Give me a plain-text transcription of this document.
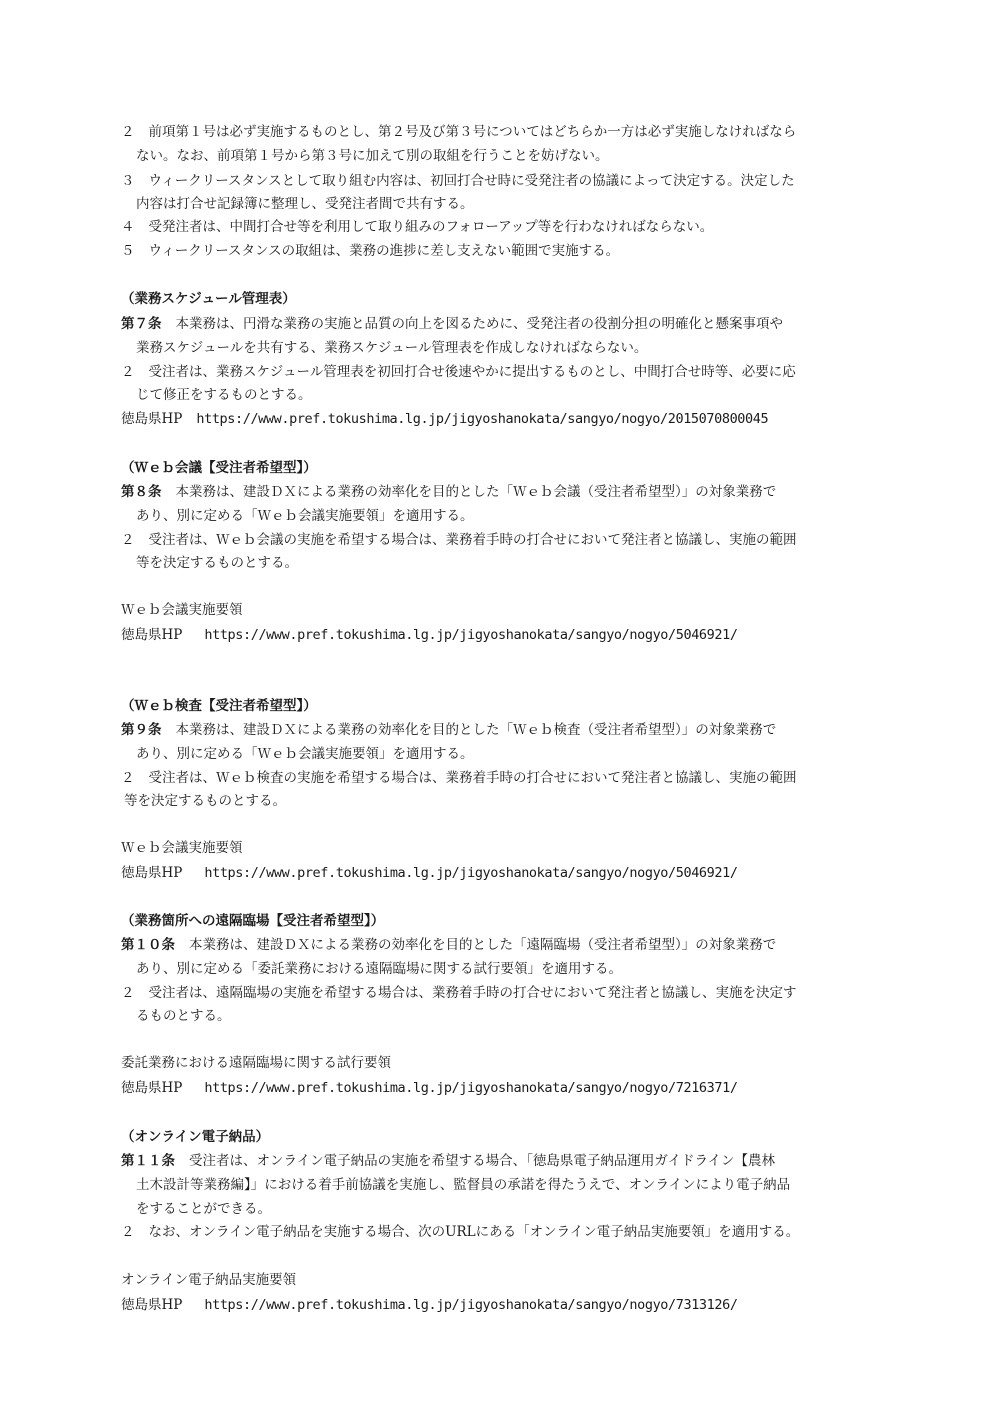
２ 前項第１号は必ず実施するものとし、第２号及び第３号についてはどちらか一方は必ず実施しなければなら
ない。なお、前項第１号から第３号に加えて別の取組を行うことを妨げない。
３ ウィークリースタンスとして取り組む内容は、初回打合せ時に受発注者の協議によって決定する。決定した
内容は打合せ記録簿に整理し、受発注者間で共有する。
４ 受発注者は、中間打合せ等を利用して取り組みのフォローアップ等を行わなければならない。
５ ウィークリースタンスの取組は、業務の進捗に差し支えない範囲で実施する。
（業務スケジュール管理表）
第７条 本業務は、円滑な業務の実施と品質の向上を図るために、受発注者の役割分担の明確化と懸案事項や
業務スケジュールを共有する、業務スケジュール管理表を作成しなければならない。
２ 受注者は、業務スケジュール管理表を初回打合せ後速やかに提出するものとし、中間打合せ時等、必要に応
じて修正をするものとする。
徳島県HP https://www.pref.tokushima.lg.jp/jigyoshanokata/sangyo/nogyo/2015070800045
（Ｗｅｂ会議【受注者希望型】）
第８条 本業務は、建設ＤＸによる業務の効率化を目的とした「Ｗｅｂ会議（受注者希望型）」の対象業務で
あり、別に定める「Ｗｅｂ会議実施要領」を適用する。
２ 受注者は、Ｗｅｂ会議の実施を希望する場合は、業務着手時の打合せにおいて発注者と協議し、実施の範囲
等を決定するものとする。
Ｗｅｂ会議実施要領
徳島県HP https://www.pref.tokushima.lg.jp/jigyoshanokata/sangyo/nogyo/5046921/
（Ｗｅｂ検査【受注者希望型】）
第９条 本業務は、建設ＤＸによる業務の効率化を目的とした「Ｗｅｂ検査（受注者希望型）」の対象業務で
あり、別に定める「Ｗｅｂ会議実施要領」を適用する。
２ 受注者は、Ｗｅｂ検査の実施を希望する場合は、業務着手時の打合せにおいて発注者と協議し、実施の範囲
等を決定するものとする。
Ｗｅｂ会議実施要領
徳島県HP https://www.pref.tokushima.lg.jp/jigyoshanokata/sangyo/nogyo/5046921/
（業務箇所への遠隔臨場【受注者希望型】）
第１０条 本業務は、建設ＤＸによる業務の効率化を目的とした「遠隔臨場（受注者希望型）」の対象業務で
あり、別に定める「委託業務における遠隔臨場に関する試行要領」を適用する。
２ 受注者は、遠隔臨場の実施を希望する場合は、業務着手時の打合せにおいて発注者と協議し、実施を決定す
るものとする。
委託業務における遠隔臨場に関する試行要領
徳島県HP https://www.pref.tokushima.lg.jp/jigyoshanokata/sangyo/nogyo/7216371/
（オンライン電子納品）
第１１条 受注者は、オンライン電子納品の実施を希望する場合、「徳島県電子納品運用ガイドライン【農林
土木設計等業務編】」における着手前協議を実施し、監督員の承諾を得たうえで、オンラインにより電子納品
をすることができる。
２ なお、オンライン電子納品を実施する場合、次のURLにある「オンライン電子納品実施要領」を適用する。
オンライン電子納品実施要領
徳島県HP https://www.pref.tokushima.lg.jp/jigyoshanokata/sangyo/nogyo/7313126/
